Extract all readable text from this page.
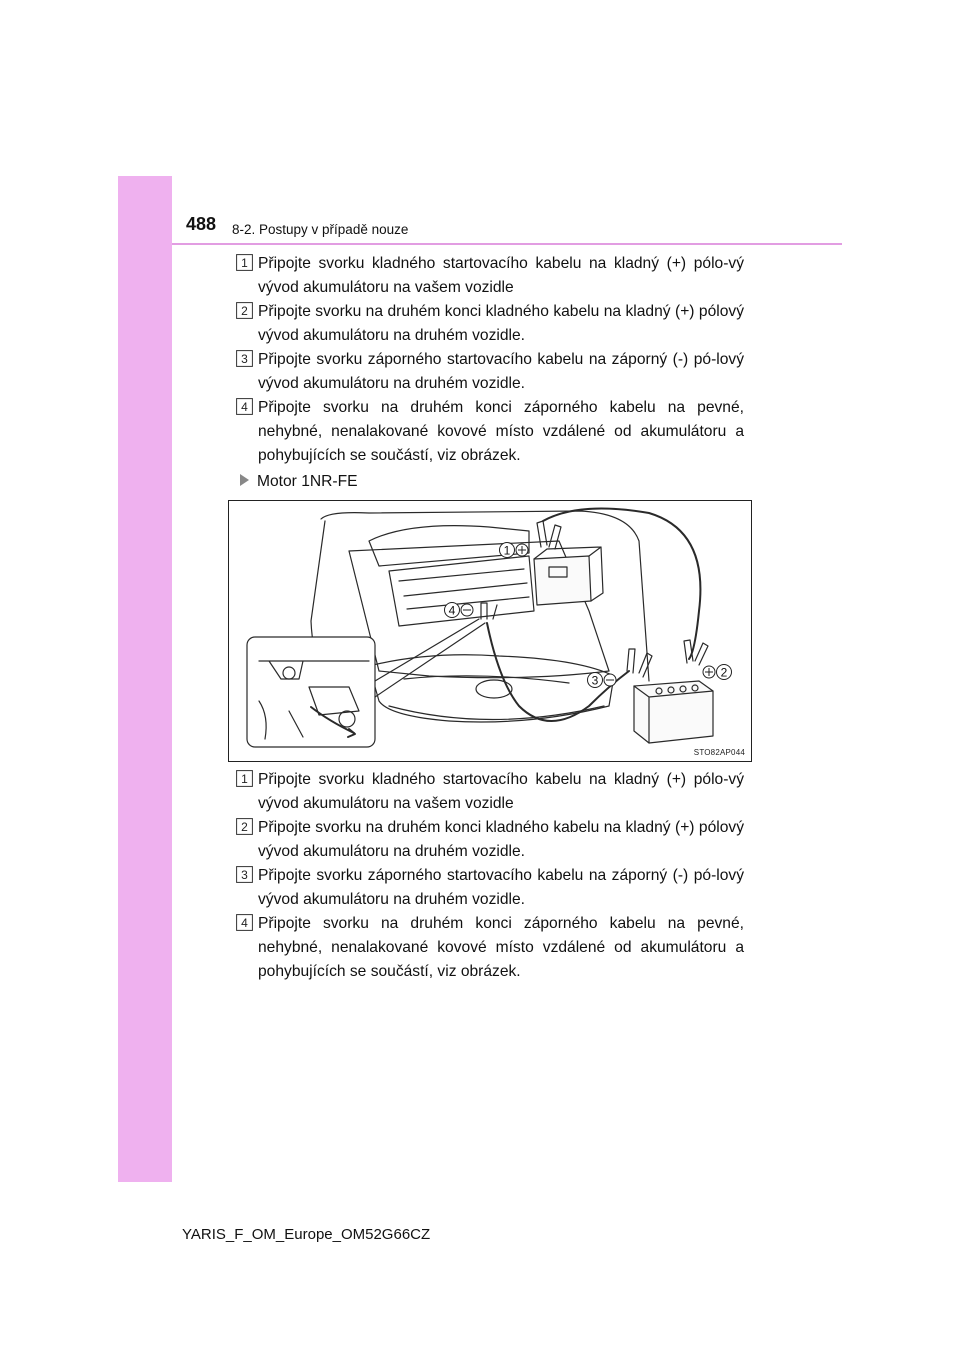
488 8-2. Postupy v případě nouze
1 Připojte svorku kladného startovacího kabelu na kladný (+) pólo-vý vývod akumulátoru na vašem vozidle
2 Připojte svorku na druhém konci kladného kabelu na kladný (+) pólový vývod akumulátoru na druhém vozidle.
3 Připojte svorku záporného startovacího kabelu na záporný (-) pó-lový vývod akumulátoru na druhém vozidle.
4 Připojte svorku na druhém konci záporného kabelu na pevné, nehybné, nenalakované kovové místo vzdálené od akumulátoru a pohybujících se součástí, viz obrázek.
Motor 1NR-FE
1
4
3
2
STO82AP044
1 Připojte svorku kladného startovacího kabelu na kladný (+) pólo-vý vývod akumulátoru na vašem vozidle
2 Připojte svorku na druhém konci kladného kabelu na kladný (+) pólový vývod akumulátoru na druhém vozidle.
3 Připojte svorku záporného startovacího kabelu na záporný (-) pó-lový vývod akumulátoru na druhém vozidle.
4 Připojte svorku na druhém konci záporného kabelu na pevné, nehybné, nenalakované kovové místo vzdálené od akumulátoru a pohybujících se součástí, viz obrázek.
YARIS_F_OM_Europe_OM52G66CZ
